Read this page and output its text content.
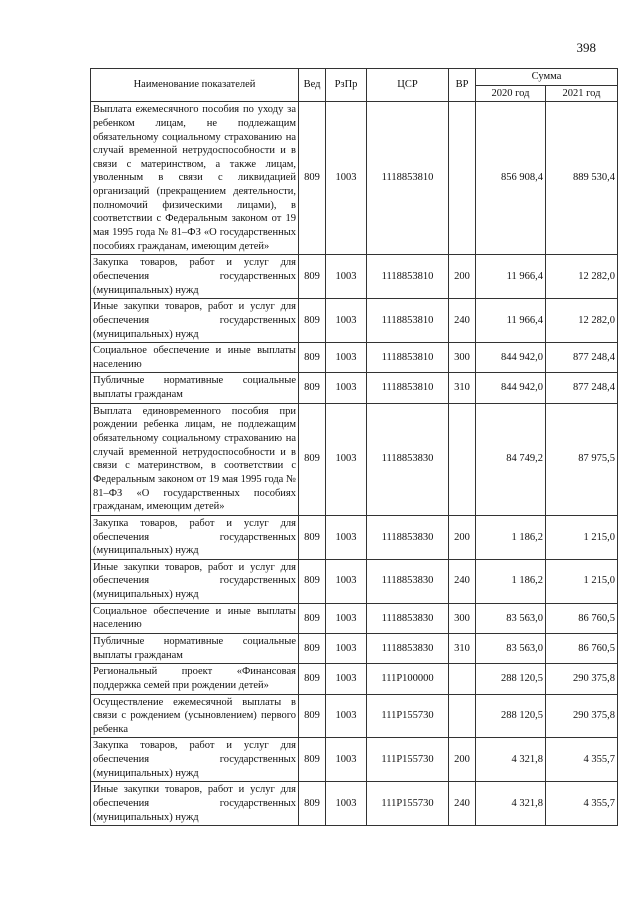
398
Наименование показателей	Вед	РзПр	ЦСР	ВР	Сумма	
					2020 год	2021 год
Выплата ежемесячного пособия по уходу за ребенком лицам, не подлежащим обязательному социальному страхованию на случай временной нетрудоспособности и в связи с материнством, а также лицам, уволенным в связи с ликвидацией организаций (прекращением деятельности, полномочий физическими лицами), в соответствии с Федеральным законом от 19 мая 1995 года № 81–ФЗ «О государственных пособиях гражданам, имеющим детей»	809	1003	1118853810		856 908,4	889 530,4
Закупка товаров, работ и услуг для обеспечения государственных (муниципальных) нужд	809	1003	1118853810	200	11 966,4	12 282,0
Иные закупки товаров, работ и услуг для обеспечения государственных (муниципальных) нужд	809	1003	1118853810	240	11 966,4	12 282,0
Социальное обеспечение и иные выплаты населению	809	1003	1118853810	300	844 942,0	877 248,4
Публичные нормативные социальные выплаты гражданам	809	1003	1118853810	310	844 942,0	877 248,4
Выплата единовременного пособия при рождении ребенка лицам, не подлежащим обязательному социальному страхованию на случай временной нетрудоспособности и в связи с материнством, в соответствии с Федеральным законом от 19 мая 1995 года № 81–ФЗ «О государственных пособиях гражданам, имеющим детей»	809	1003	1118853830		84 749,2	87 975,5
Закупка товаров, работ и услуг для обеспечения государственных (муниципальных) нужд	809	1003	1118853830	200	1 186,2	1 215,0
Иные закупки товаров, работ и услуг для обеспечения государственных (муниципальных) нужд	809	1003	1118853830	240	1 186,2	1 215,0
Социальное обеспечение и иные выплаты населению	809	1003	1118853830	300	83 563,0	86 760,5
Публичные нормативные социальные выплаты гражданам	809	1003	1118853830	310	83 563,0	86 760,5
Региональный проект «Финансовая поддержка семей при рождении детей»	809	1003	111P100000		288 120,5	290 375,8
Осуществление ежемесячной выплаты в связи с рождением (усыновлением) первого ребенка	809	1003	111P155730		288 120,5	290 375,8
Закупка товаров, работ и услуг для обеспечения государственных (муниципальных) нужд	809	1003	111P155730	200	4 321,8	4 355,7
Иные закупки товаров, работ и услуг для обеспечения государственных (муниципальных) нужд	809	1003	111P155730	240	4 321,8	4 355,7
